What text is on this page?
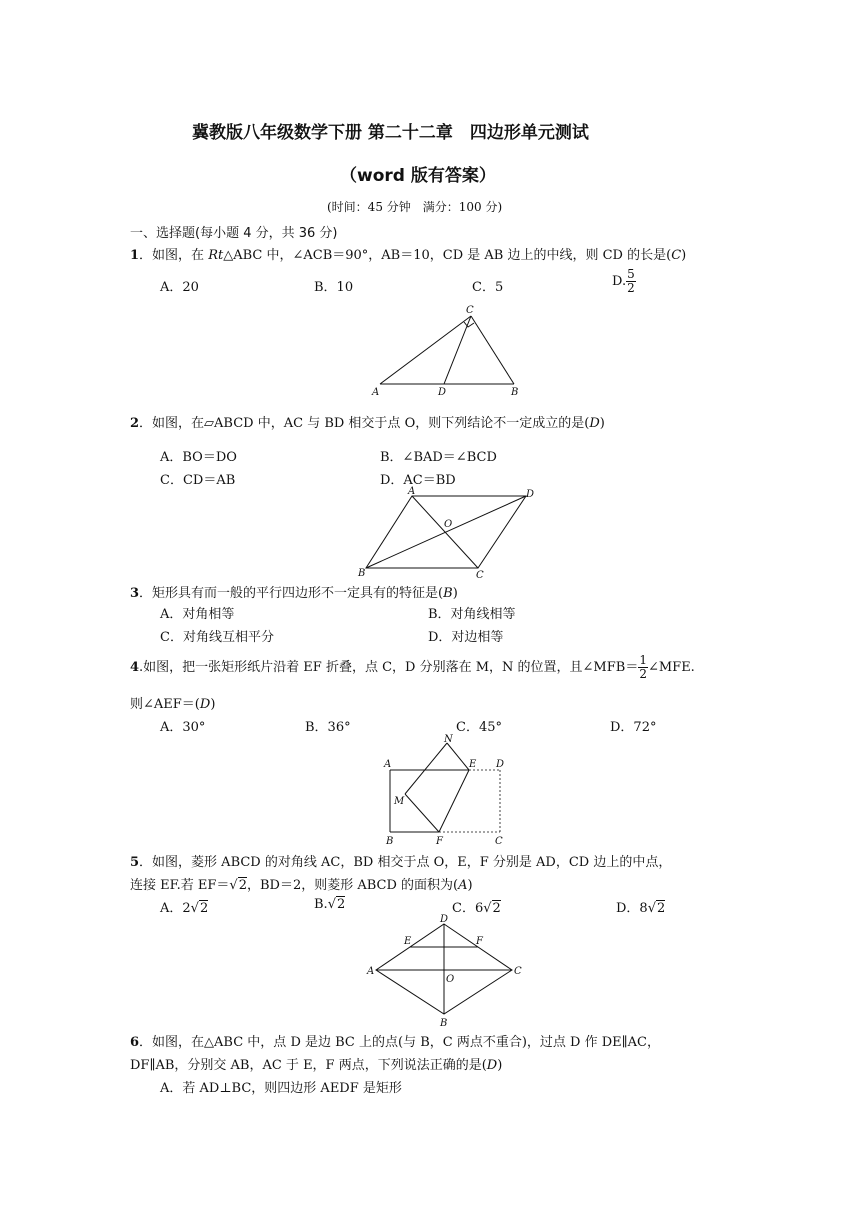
冀教版八年级数学下册 第二十二章　四边形单元测试
（word 版有答案）
(时间：45 分钟　满分：100 分)
一、选择题(每小题 4 分，共 36 分)
1．如图，在 Rt△ABC 中，∠ACB＝90°，AB＝10，CD 是 AB 边上的中线，则 CD 的长是(C)
A．20	B．10	C．5	D. $\frac{5}{2}$
C
A	D	B
2．如图，在▱ABCD 中，AC 与 BD 相交于点 O，则下列结论不一定成立的是(D)
A．BO＝DO	B．∠BAD＝∠BCD
C．CD＝AB	D．AC＝BD
A	D
O
B	C
3．矩形具有而一般的平行四边形不一定具有的特征是(B)
A．对角相等	B．对角线相等
C．对角线互相平分	D．对边相等
4.如图，把一张矩形纸片沿着 EF 折叠，点 C，D 分别落在 M，N 的位置，且∠MFB＝ $\frac{1}{2}$ ∠MFE.
则∠AEF＝(D)
A．30°	B．36°	C．45°	D．72°
N
A	E D
M
B	F	C
5．如图，菱形 ABCD 的对角线 AC，BD 相交于点 O，E，F 分别是 AD，CD 边上的中点，
连接 EF.若 EF＝√2，BD＝2，则菱形 ABCD 的面积为(A)
A．2√2	B.√2	C．6√2	D．8√2
D
E	F
A
O
C
B
6．如图，在△ABC 中，点 D 是边 BC 上的点(与 B，C 两点不重合)，过点 D 作 DE∥AC，
DF∥AB，分别交 AB，AC 于 E，F 两点，下列说法正确的是(D)
A．若 AD⊥BC，则四边形 AEDF 是矩形
